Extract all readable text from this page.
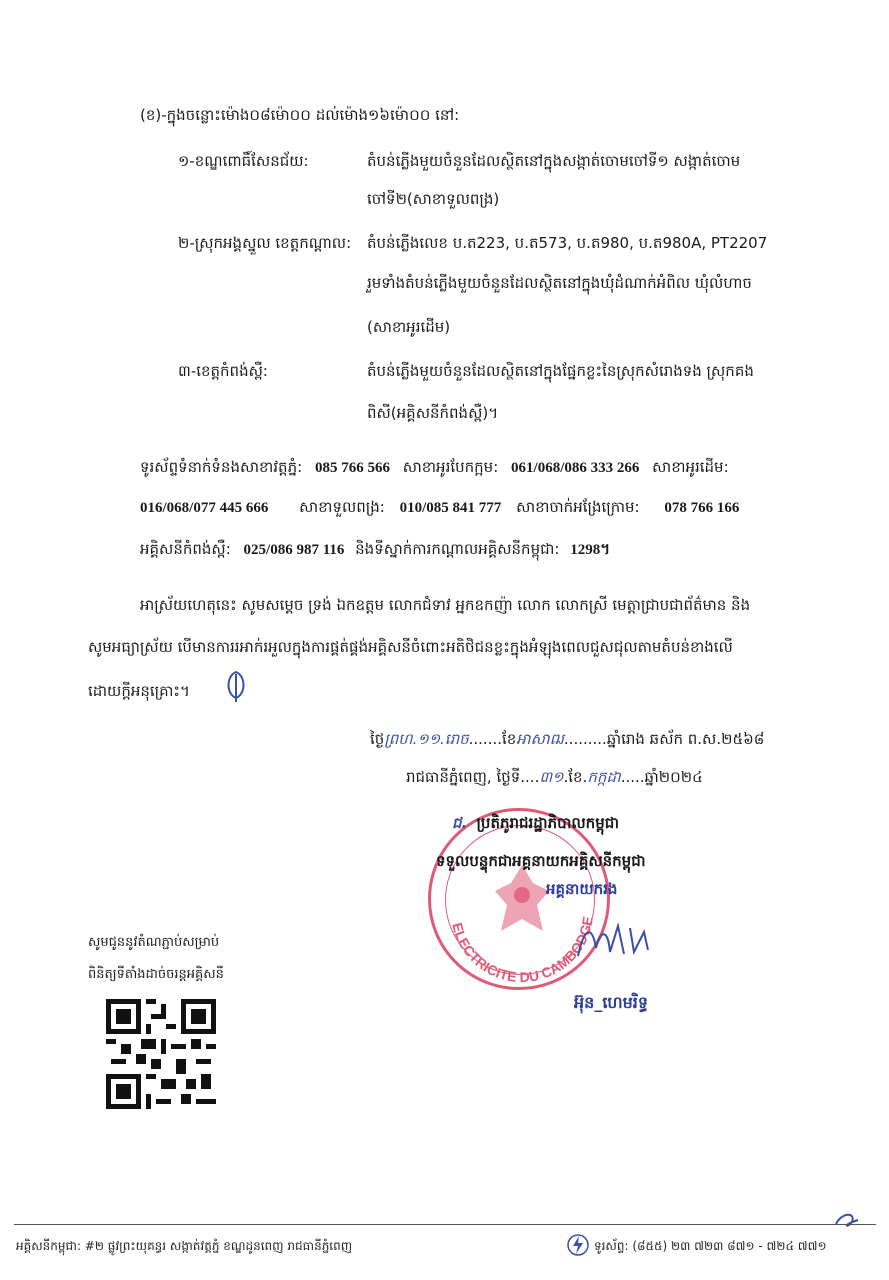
(ខ)-ក្នុងចន្លោះម៉ោង០៨ម៉ោ០០ ដល់ម៉ោង១៦ម៉ោ០០ នៅ:
១-ខណ្ឌពោធិ៍សែនជ័យ:	តំបន់ភ្លើងមួយចំនួនដែលស្ថិតនៅក្នុងសង្កាត់ចោមចៅទី១ សង្កាត់ចោម
ចៅទី២(សាខាទួលពង្រ)
២-ស្រុកអង្គស្នួល ខេត្តកណ្ដាល: តំបន់ភ្លើងលេខ ប.ត223, ប.ត573, ប.ត980, ប.ត980A, PT2207
រួមទាំងតំបន់ភ្លើងមួយចំនួនដែលស្ថិតនៅក្នុងឃុំដំណាក់អំពិល ឃុំលំហាច
(សាខាអូរដើម)
៣-ខេត្តកំពង់ស្ពឺ:	តំបន់ភ្លើងមួយចំនួនដែលស្ថិតនៅក្នុងផ្នែកខ្លះនៃស្រុកសំរោងទង ស្រុកគង
ពិសី(អគ្គិសនីកំពង់ស្ពឺ)។
ទូរស័ព្ទទំនាក់ទំនងសាខាវត្តភ្នំ: 085 766 566 សាខាអូរបែកក្អម: 061/068/086 333 266 សាខាអូរដើម:
016/068/077 445 666 សាខាទួលពង្រ: 010/085 841 777 សាខាចាក់អង្រែក្រោម: 078 766 166
អគ្គិសនីកំពង់ស្ពឺ: 025/086 987 116 និងទីស្នាក់ការកណ្ដាលអគ្គិសនីកម្ពុជា: 1298។
អាស្រ័យហេតុនេះ សូមសម្ដេច ទ្រង់ ឯកឧត្ដម លោកជំទាវ អ្នកឧកញ៉ា លោក លោកស្រី មេត្តាជ្រាបជាព័ត៌មាន និង
សូមអធ្យាស្រ័យ បើមានការរអាក់រអួលក្នុងការផ្គត់ផ្គង់អគ្គិសនីចំពោះអតិថិជនខ្លះក្នុងអំឡុងពេលជួសជុលតាមតំបន់ខាងលើ
ដោយក្ដីអនុគ្រោះ។
ថ្ងៃព្រហ.១១.រោច.......ខែអាសាឍ.........ឆ្នាំរោង ឆស័ក ព.ស.២៥៦៨
រាជធានីភ្នំពេញ, ថ្ងៃទី....៣១.ខែ.កក្កដា.....ឆ្នាំ២០២៤
ELECTRICITE DU CAMBODGE
ជ. ប្រតិភូរាជរដ្ឋាភិបាលកម្ពុជា
ទទួលបន្ទុកជាអគ្គនាយកអគ្គិសនីកម្ពុជា
អគ្គនាយករង
អ៊ុន_ហេមរិទ្ធ
សូមជូននូវតំណភ្ជាប់សម្រាប់
ពិនិត្យទីតាំងដាច់ចរន្តអគ្គិសនី
អគ្គិសនីកម្ពុជា: #២ ផ្លូវព្រះយុគន្ធរ សង្កាត់វត្តភ្នំ ខណ្ឌដូនពេញ រាជធានីភ្នំពេញ	ទូរស័ព្ទ: (៨៥៥) ២៣ ៧២៣ ៨៧១ - ៧២៤ ៧៧១
